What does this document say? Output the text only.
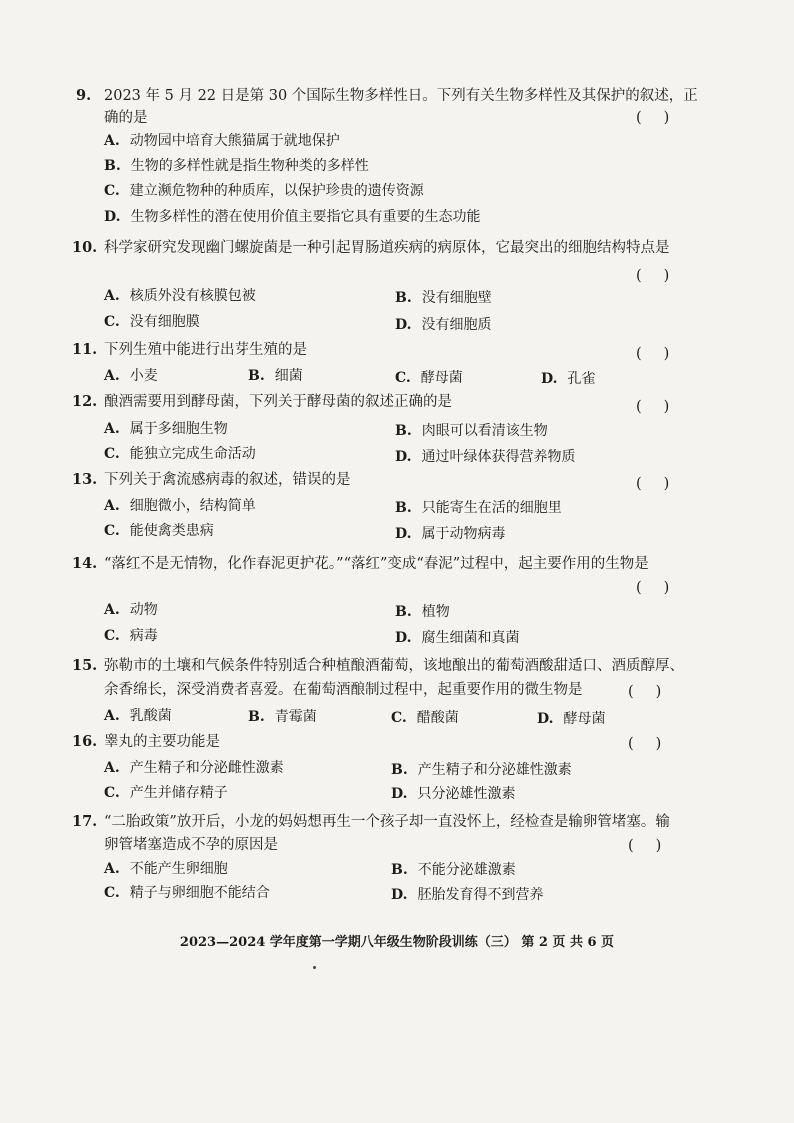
9. 2023 年 5 月 22 日是第 30 个国际生物多样性日。下列有关生物多样性及其保护的叙述，正
确的是	()
A. 动物园中培育大熊猫属于就地保护
B. 生物的多样性就是指生物种类的多样性
C. 建立濒危物种的种质库，以保护珍贵的遗传资源
D. 生物多样性的潜在使用价值主要指它具有重要的生态功能
10. 科学家研究发现幽门螺旋菌是一种引起胃肠道疾病的病原体，它最突出的细胞结构特点是
()
A. 核质外没有核膜包被	B. 没有细胞壁
C. 没有细胞膜	D. 没有细胞质
11. 下列生殖中能进行出芽生殖的是	()
A. 小麦	B. 细菌	C. 酵母菌	D. 孔雀
12. 酿酒需要用到酵母菌，下列关于酵母菌的叙述正确的是	()
A. 属于多细胞生物	B. 肉眼可以看清该生物
C. 能独立完成生命活动	D. 通过叶绿体获得营养物质
13. 下列关于禽流感病毒的叙述，错误的是	()
A. 细胞微小，结构简单	B. 只能寄生在活的细胞里
C. 能使禽类患病	D. 属于动物病毒
14. “落红不是无情物，化作春泥更护花。”“落红”变成“春泥”过程中，起主要作用的生物是
()
A. 动物	B. 植物
C. 病毒	D. 腐生细菌和真菌
15. 弥勒市的土壤和气候条件特别适合种植酿酒葡萄，该地酿出的葡萄酒酸甜适口、酒质醇厚、
余香绵长，深受消费者喜爱。在葡萄酒酿制过程中，起重要作用的微生物是	()
A. 乳酸菌	B. 青霉菌	C. 醋酸菌	D. 酵母菌
16. 睾丸的主要功能是	()
A. 产生精子和分泌雌性激素	B. 产生精子和分泌雄性激素
C. 产生并储存精子	D. 只分泌雄性激素
17. “二胎政策”放开后，小龙的妈妈想再生一个孩子却一直没怀上，经检查是输卵管堵塞。输
卵管堵塞造成不孕的原因是	()
A. 不能产生卵细胞	B. 不能分泌雄激素
C. 精子与卵细胞不能结合	D. 胚胎发育得不到营养
2023—2024 学年度第一学期八年级生物阶段训练（三） 第 2 页 共 6 页
